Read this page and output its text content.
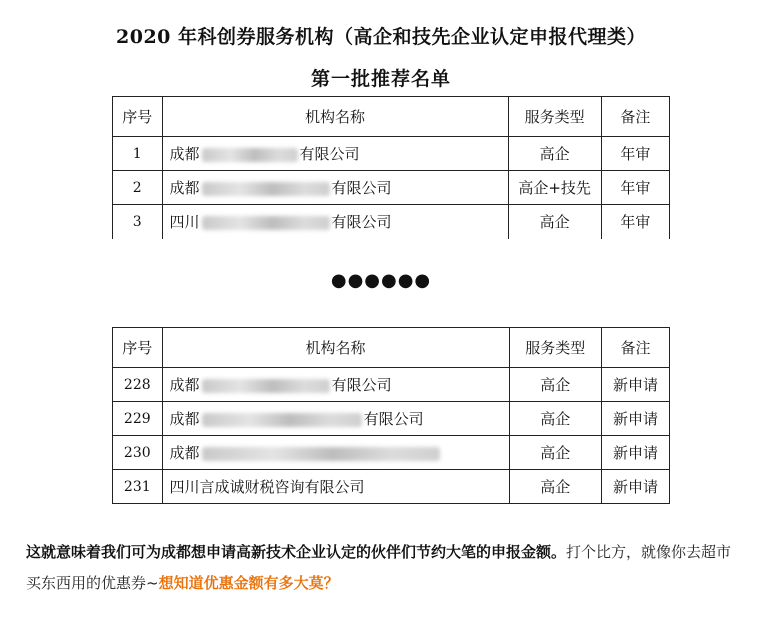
2020 年科创券服务机构（高企和技先企业认定申报代理类）
第一批推荐名单
序号	机构名称	服务类型	备注
1	成都 有限公司	高企	年审
2	成都 有限公司	高企+技先	年审
3	四川 有限公司	高企	年审
●●●●●●
序号	机构名称	服务类型	备注
228	成都 有限公司	高企	新申请
229	成都 有限公司	高企	新申请
230	成都	高企	新申请
231	四川言成诚财税咨询有限公司	高企	新申请
这就意味着我们可为成都想申请高新技术企业认定的伙伴们节约大笔的申报金额。打个比方，就像你去超市买东西用的优惠券~想知道优惠金额有多大莫？
